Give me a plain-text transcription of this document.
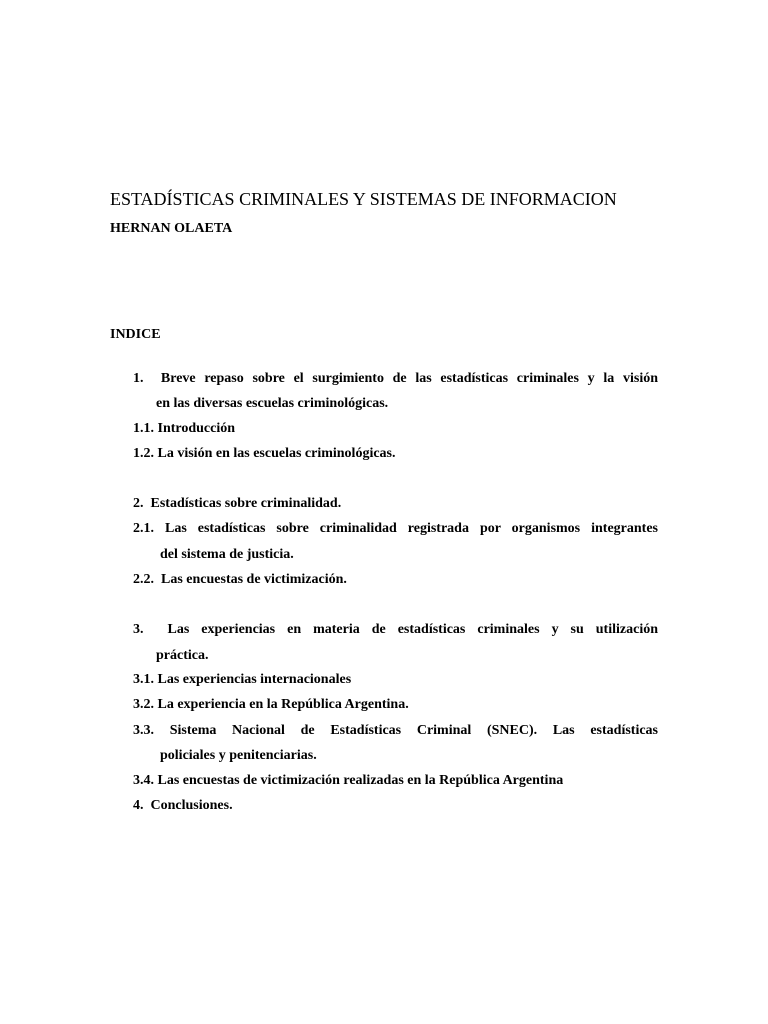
ESTADÍSTICAS CRIMINALES Y SISTEMAS DE INFORMACION
HERNAN OLAETA
INDICE
1.  Breve repaso sobre el surgimiento de las estadísticas criminales y la visión
en las diversas escuelas criminológicas.
1.1. Introducción
1.2. La visión en las escuelas criminológicas.
2.  Estadísticas sobre criminalidad.
2.1. Las estadísticas sobre criminalidad registrada por organismos integrantes
del sistema de justicia.
2.2.  Las encuestas de victimización.
3.  Las experiencias en materia de estadísticas criminales y su utilización
práctica.
3.1. Las experiencias internacionales
3.2. La experiencia en la República Argentina.
3.3. Sistema Nacional de Estadísticas Criminal (SNEC). Las estadísticas
policiales y penitenciarias.
3.4. Las encuestas de victimización realizadas en la República Argentina
4.  Conclusiones.
